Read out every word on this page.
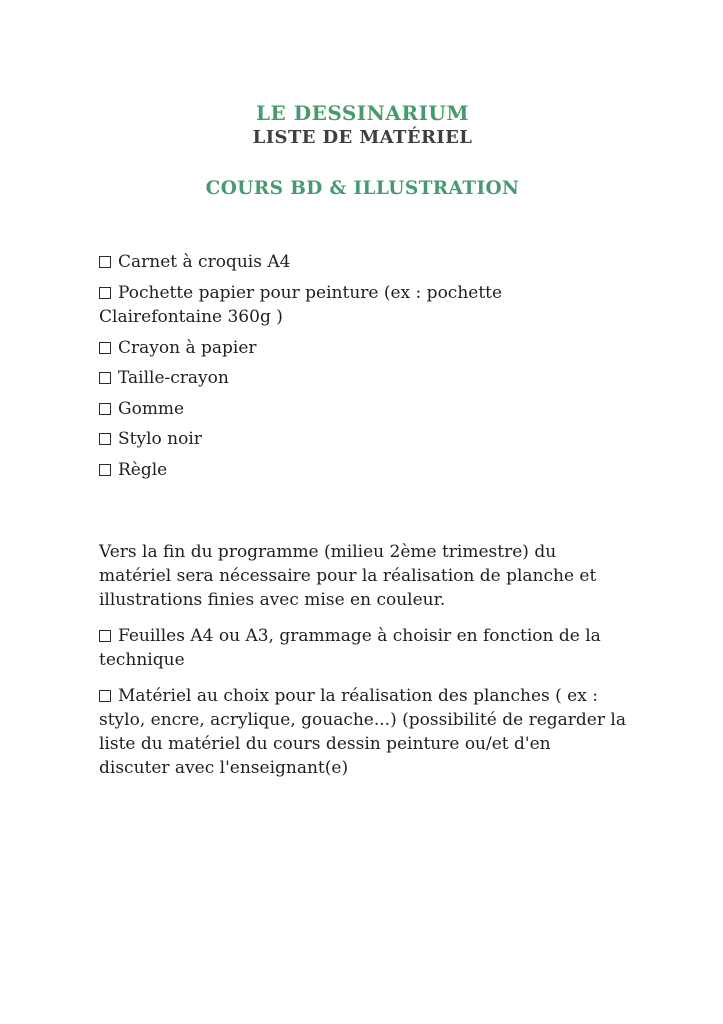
LE DESSINARIUM
LISTE DE MATÉRIEL
COURS BD & ILLUSTRATION

Carnet à croquis A4

Pochette papier pour peinture (ex : pochette Clairefontaine 360g )

Crayon à papier

Taille-crayon

Gomme

Stylo noir

Règle

Vers la fin du programme (milieu 2ème trimestre) du matériel sera nécessaire pour la réalisation de planche et illustrations finies avec mise en couleur.

Feuilles A4 ou A3, grammage à choisir en fonction de la technique

Matériel au choix pour la réalisation des planches ( ex : stylo, encre, acrylique, gouache...) (possibilité de regarder la liste du matériel du cours dessin peinture ou/et d'en discuter avec l'enseignant(e)
